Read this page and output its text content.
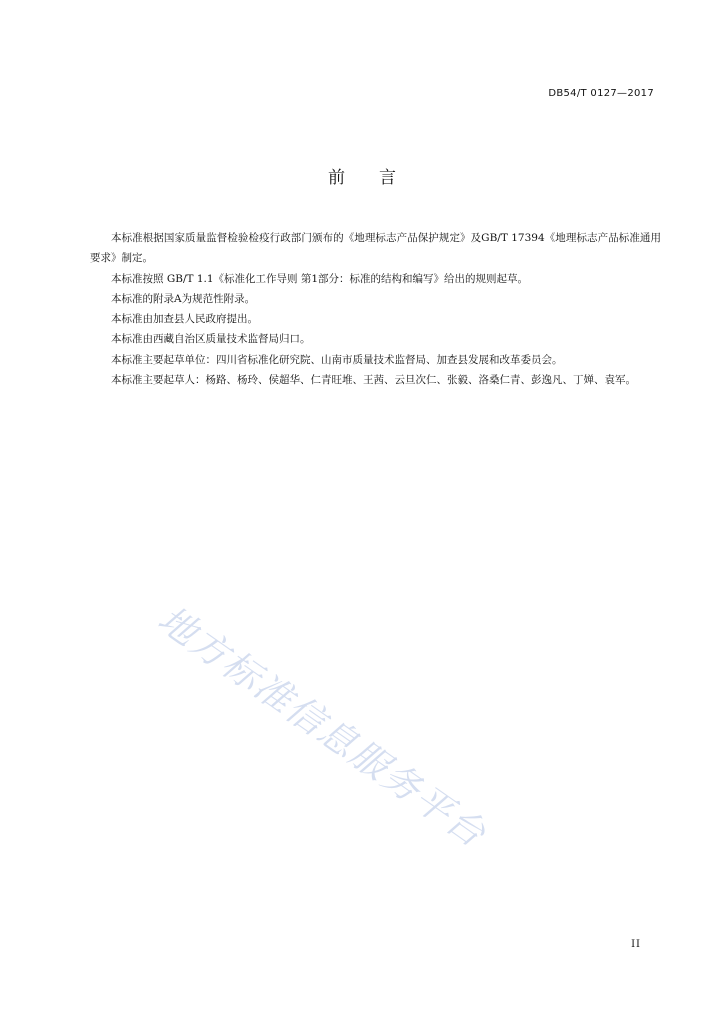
DB54/T 0127—2017
前言

本标准根据国家质量监督检验检疫行政部门颁布的《地理标志产品保护规定》及GB/T 17394《地理标志产品标准通用要求》制定。

本标准按照 GB/T 1.1《标准化工作导则 第1部分：标准的结构和编写》给出的规则起草。

本标准的附录A为规范性附录。

本标准由加查县人民政府提出。

本标准由西藏自治区质量技术监督局归口。

本标准主要起草单位：四川省标准化研究院、山南市质量技术监督局、加查县发展和改革委员会。

本标准主要起草人：杨路、杨玲、侯超华、仁青旺堆、王茜、云旦次仁、张毅、洛桑仁青、彭逸凡、丁婵、袁军。

地方标准信息服务平台
II
